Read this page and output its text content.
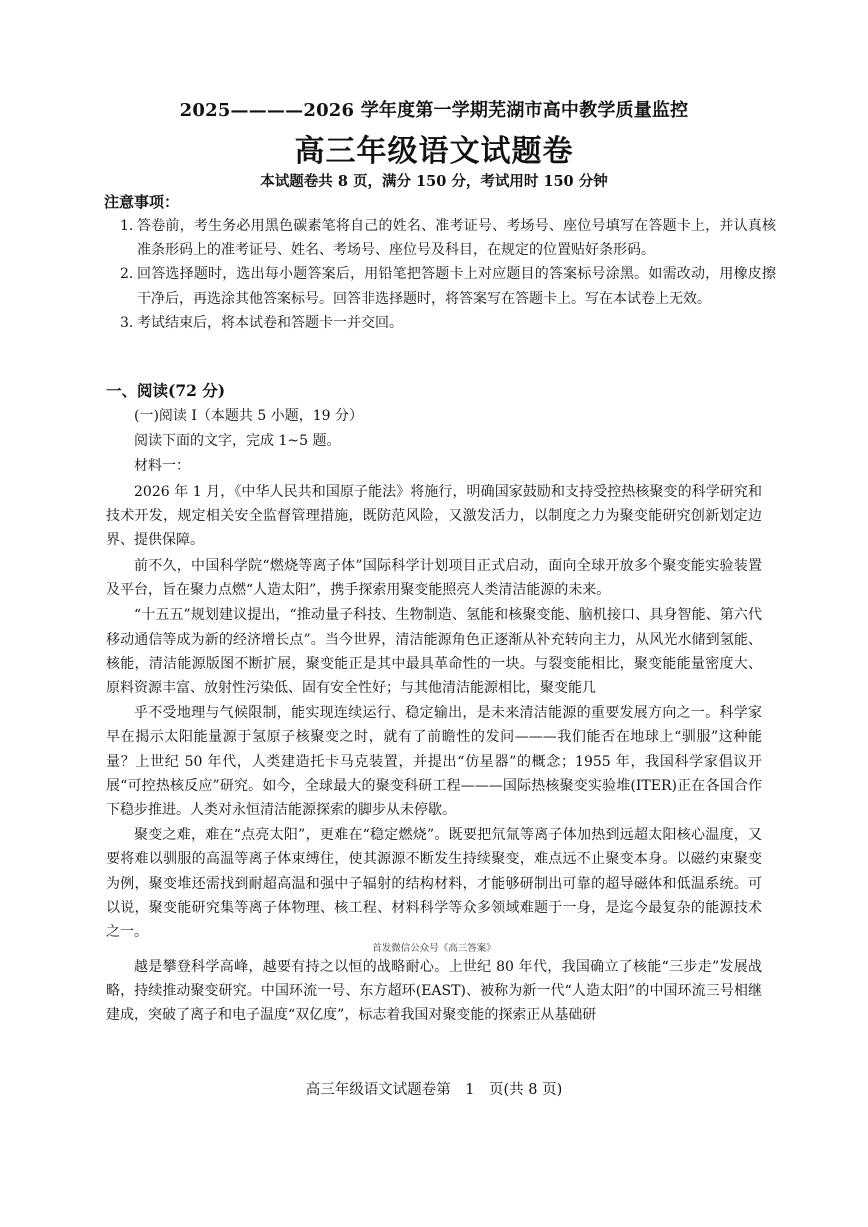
2025————2026 学年度第一学期芜湖市高中教学质量监控
高三年级语文试题卷
本试题卷共 8 页，满分 150 分，考试用时 150 分钟
注意事项：
1. 答卷前，考生务必用黑色碳素笔将自己的姓名、准考证号、考场号、座位号填写在答题卡上，并认真核准条形码上的准考证号、姓名、考场号、座位号及科目，在规定的位置贴好条形码。
2. 回答选择题时，选出每小题答案后，用铅笔把答题卡上对应题目的答案标号涂黑。如需改动，用橡皮擦干净后，再选涂其他答案标号。回答非选择题时，将答案写在答题卡上。写在本试卷上无效。
3. 考试结束后，将本试卷和答题卡一并交回。
一、阅读(72 分)
(一)阅读 I（本题共 5 小题，19 分）
阅读下面的文字，完成 1~5 题。
材料一：

2026 年 1 月，《中华人民共和国原子能法》将施行，明确国家鼓励和支持受控热核聚变的科学研究和技术开发，规定相关安全监督管理措施，既防范风险，又激发活力，以制度之力为聚变能研究创新划定边界、提供保障。

前不久，中国科学院“燃烧等离子体”国际科学计划项目正式启动，面向全球开放多个聚变能实验装置及平台，旨在聚力点燃“人造太阳”，携手探索用聚变能照亮人类清洁能源的未来。

“十五五”规划建议提出，“推动量子科技、生物制造、氢能和核聚变能、脑机接口、具身智能、第六代移动通信等成为新的经济增长点”。当今世界，清洁能源角色正逐渐从补充转向主力，从风光水储到氢能、核能，清洁能源版图不断扩展，聚变能正是其中最具革命性的一块。与裂变能相比，聚变能能量密度大、原料资源丰富、放射性污染低、固有安全性好；与其他清洁能源相比，聚变能几

乎不受地理与气候限制，能实现连续运行、稳定输出，是未来清洁能源的重要发展方向之一。科学家早在揭示太阳能量源于氢原子核聚变之时，就有了前瞻性的发问———我们能否在地球上“驯服”这种能量？上世纪 50 年代，人类建造托卡马克装置，并提出“仿星器”的概念；1955 年，我国科学家倡议开展“可控热核反应”研究。如今，全球最大的聚变科研工程———国际热核聚变实验堆(ITER)正在各国合作下稳步推进。人类对永恒清洁能源探索的脚步从未停歇。

聚变之难，难在“点亮太阳”，更难在“稳定燃烧”。既要把氘氚等离子体加热到远超太阳核心温度，又要将难以驯服的高温等离子体束缚住，使其源源不断发生持续聚变，难点远不止聚变本身。以磁约束聚变为例，聚变堆还需找到耐超高温和强中子辐射的结构材料，才能够研制出可靠的超导磁体和低温系统。可以说，聚变能研究集等离子体物理、核工程、材料科学等众多领域难题于一身，是迄今最复杂的能源技术之一。

首发微信公众号《高三答案》

越是攀登科学高峰，越要有持之以恒的战略耐心。上世纪 80 年代，我国确立了核能“三步走”发展战略，持续推动聚变研究。中国环流一号、东方超环(EAST)、被称为新一代“人造太阳”的中国环流三号相继建成，突破了离子和电子温度“双亿度”，标志着我国对聚变能的探索正从基础研

高三年级语文试题卷第　1　页(共 8 页)
